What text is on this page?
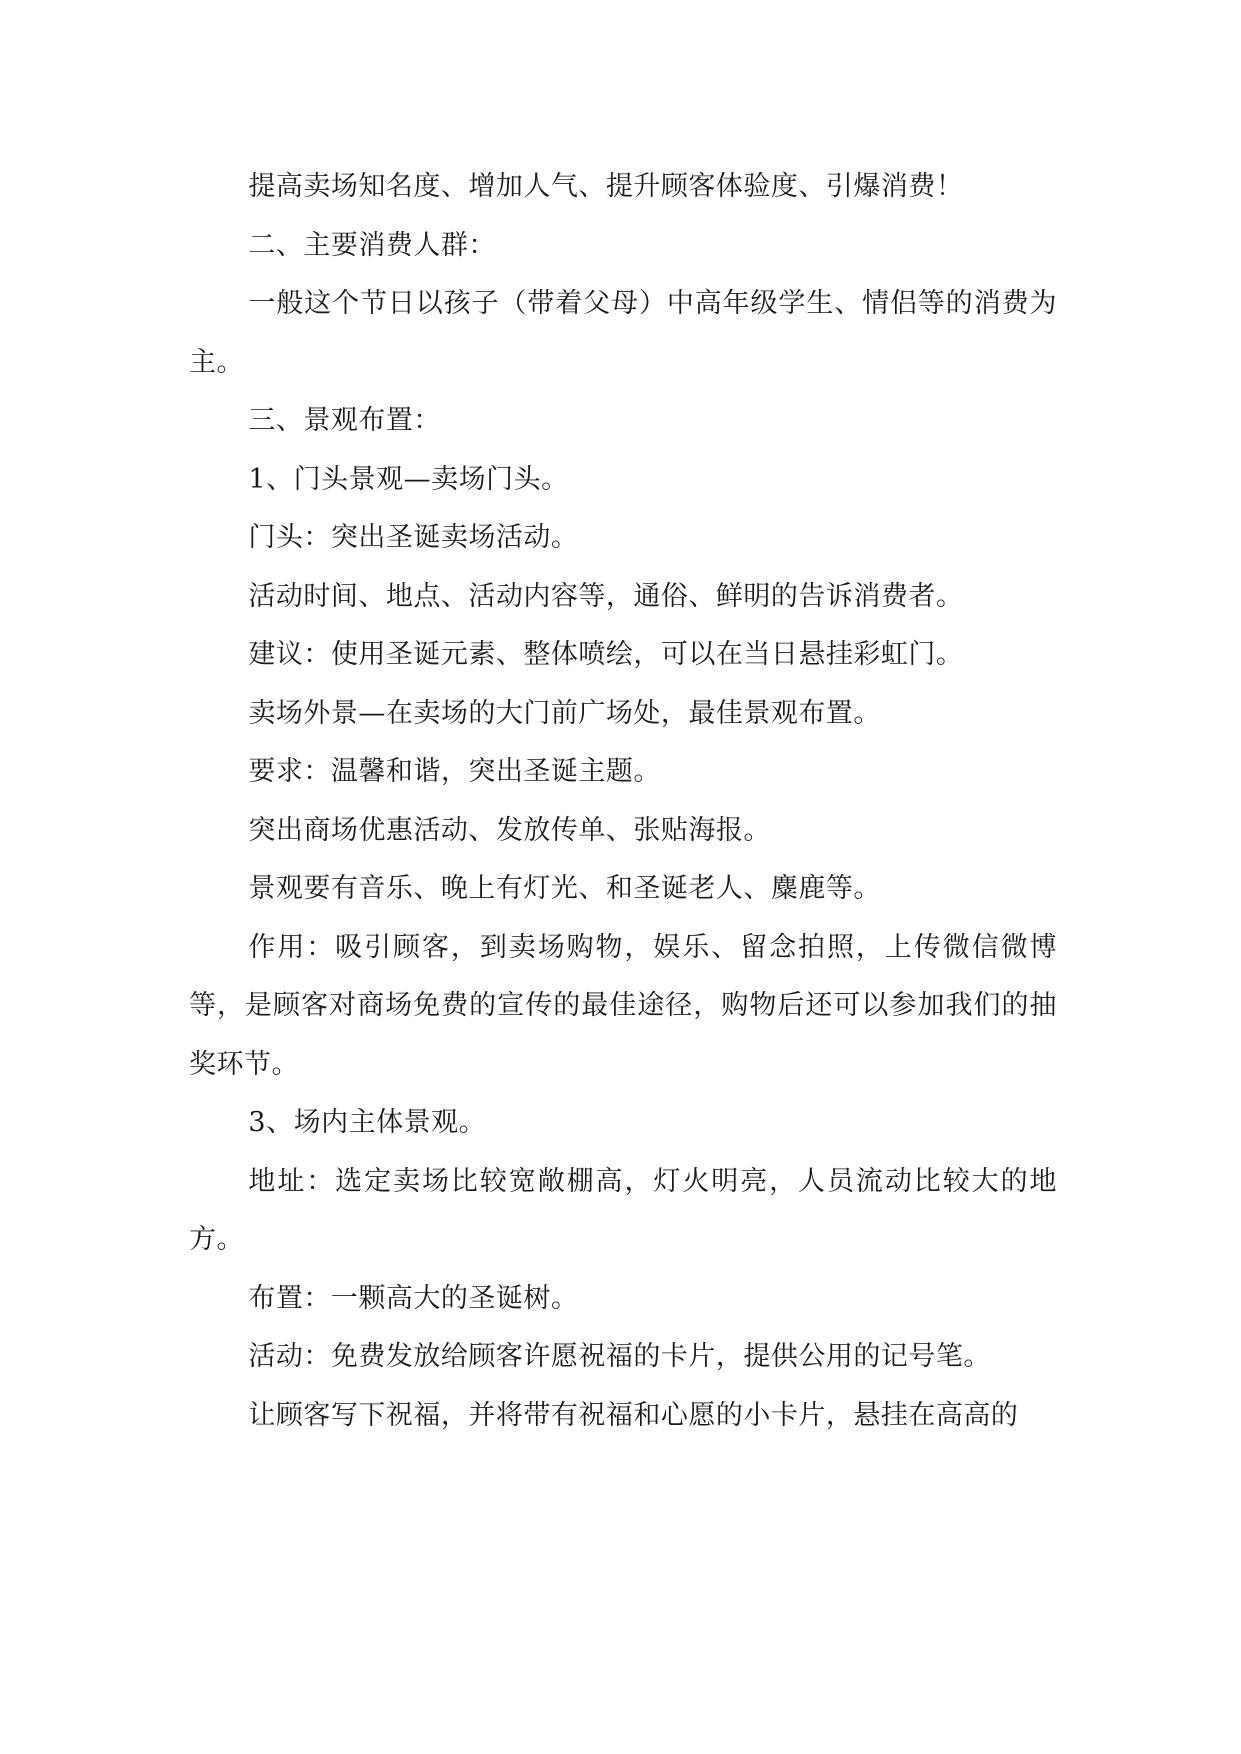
提高卖场知名度、增加人气、提升顾客体验度、引爆消费！

二、主要消费人群：

一般这个节日以孩子（带着父母）中高年级学生、情侣等的消费为主。

三、景观布置：

1、门头景观—卖场门头。

门头：突出圣诞卖场活动。

活动时间、地点、活动内容等，通俗、鲜明的告诉消费者。

建议：使用圣诞元素、整体喷绘，可以在当日悬挂彩虹门。

卖场外景—在卖场的大门前广场处，最佳景观布置。

要求：温馨和谐，突出圣诞主题。

突出商场优惠活动、发放传单、张贴海报。

景观要有音乐、晚上有灯光、和圣诞老人、麋鹿等。

作用：吸引顾客，到卖场购物，娱乐、留念拍照，上传微信微博等，是顾客对商场免费的宣传的最佳途径，购物后还可以参加我们的抽奖环节。

3、场内主体景观。

地址：选定卖场比较宽敞棚高，灯火明亮，人员流动比较大的地方。

布置：一颗高大的圣诞树。

活动：免费发放给顾客许愿祝福的卡片，提供公用的记号笔。

让顾客写下祝福，并将带有祝福和心愿的小卡片，悬挂在高高的
